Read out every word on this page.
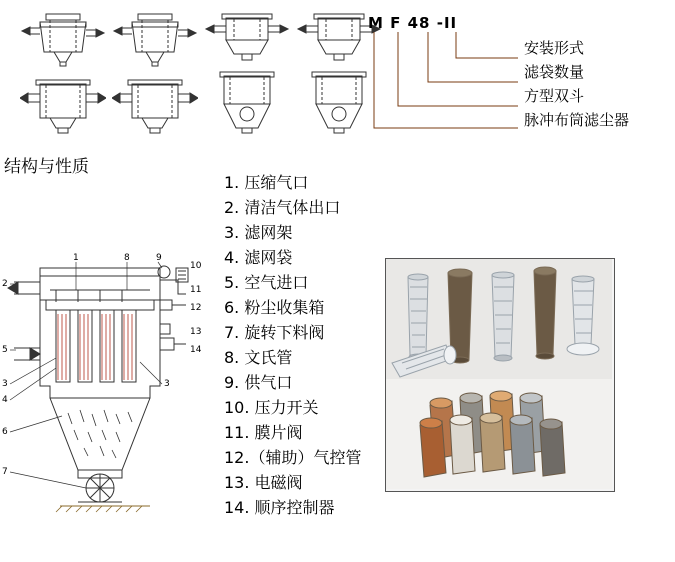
M F 48 -II
安装形式
滤袋数量
方型双斗
脉冲布筒滤尘器
结构与性质
1	8	9
10
11
12
13
14
2
5
3
4
6
7
3
1. 压缩气口
2. 清洁气体出口
3. 滤网架
4. 滤网袋
5. 空气进口
6. 粉尘收集箱
7. 旋转下料阀
8. 文氏管
9. 供气口
10. 压力开关
11. 膜片阀
12.（辅助）气控管
13. 电磁阀
14. 顺序控制器
